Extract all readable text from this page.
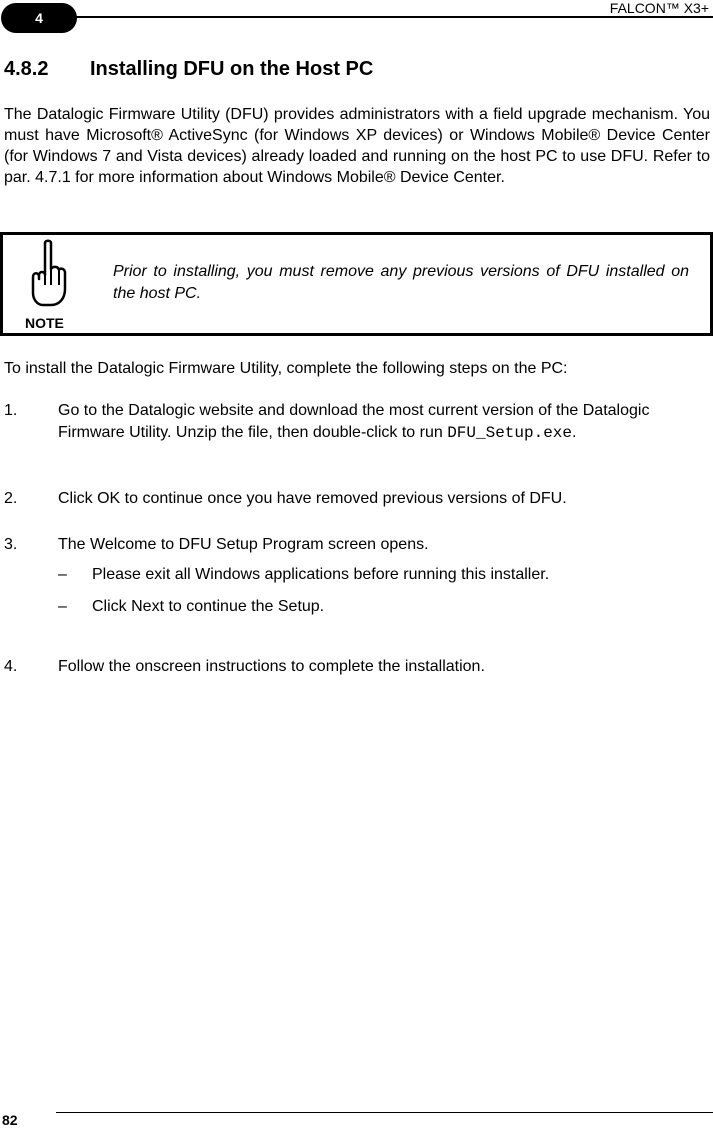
4
FALCON™ X3+
4.8.2 Installing DFU on the Host PC

The Datalogic Firmware Utility (DFU) provides administrators with a field upgrade mechanism. You must have Microsoft® ActiveSync (for Windows XP devices) or Windows Mobile® Device Center (for Windows 7 and Vista devices) already loaded and running on the host PC to use DFU. Refer to par. 4.7.1 for more information about Windows Mobile® Device Center.

NOTE
Prior to installing, you must remove any previous versions of DFU installed on the host PC.

To install the Datalogic Firmware Utility, complete the following steps on the PC:

1.	Go to the Datalogic website and download the most current version of the Datalogic Firmware Utility. Unzip the file, then double-click to run DFU_Setup.exe.
2.	Click OK to continue once you have removed previous versions of DFU.
3.	The Welcome to DFU Setup Program screen opens.
– Please exit all Windows applications before running this installer.
– Click Next to continue the Setup.
4.	Follow the onscreen instructions to complete the installation.
82
